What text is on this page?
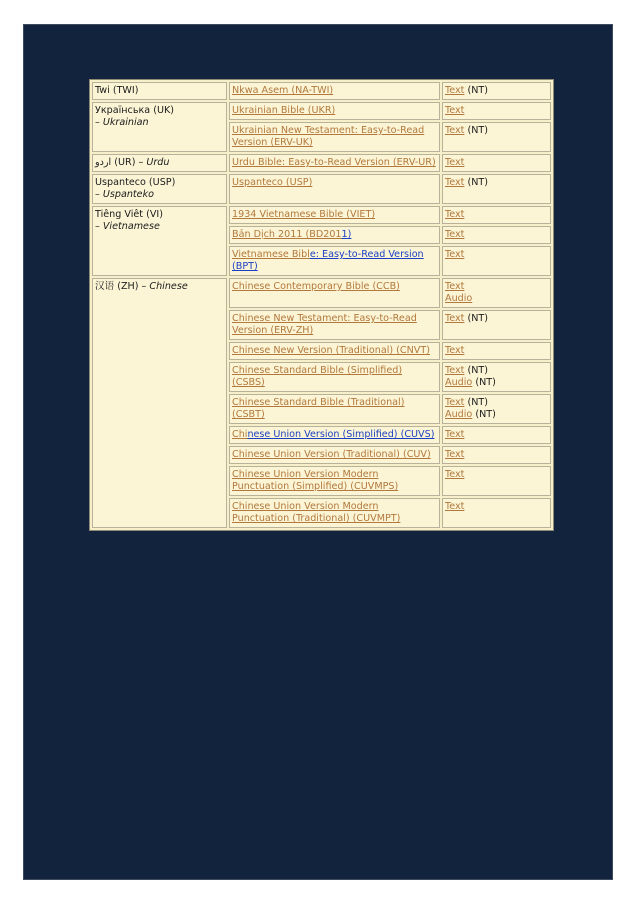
Twi (TWI)	Nkwa Asem (NA-TWI)	Text (NT)

Українська (UK)
– Ukrainian	Ukrainian Bible (UKR)	Text
	Ukrainian New Testament: Easy-to-Read Version (ERV-UK)	Text (NT)
اردو (UR) – Urdu	Urdu Bible: Easy-to-Read Version (ERV-UR)	Text

Uspanteco (USP)
– Uspanteko	Uspanteco (USP)	Text (NT)

Tiêng Viêt (VI)
– Vietnamese	1934 Vietnamese Bible (VIET)	Text
	Bản Dịch 2011 (BD2011)	Text
	Vietnamese Bible: Easy-to-Read Version (BPT)	Text
汉语 (ZH) – Chinese	Chinese Contemporary Bible (CCB)	Text
Audio
	Chinese New Testament: Easy-to-Read Version (ERV-ZH)	Text (NT)
	Chinese New Version (Traditional) (CNVT)	Text
	Chinese Standard Bible (Simplified) (CSBS)	Text (NT)
Audio (NT)
	Chinese Standard Bible (Traditional) (CSBT)	Text (NT)
Audio (NT)
	Chinese Union Version (Simplified) (CUVS)	Text
	Chinese Union Version (Traditional) (CUV)	Text
	Chinese Union Version Modern Punctuation (Simplified) (CUVMPS)	Text
	Chinese Union Version Modern Punctuation (Traditional) (CUVMPT)	Text
